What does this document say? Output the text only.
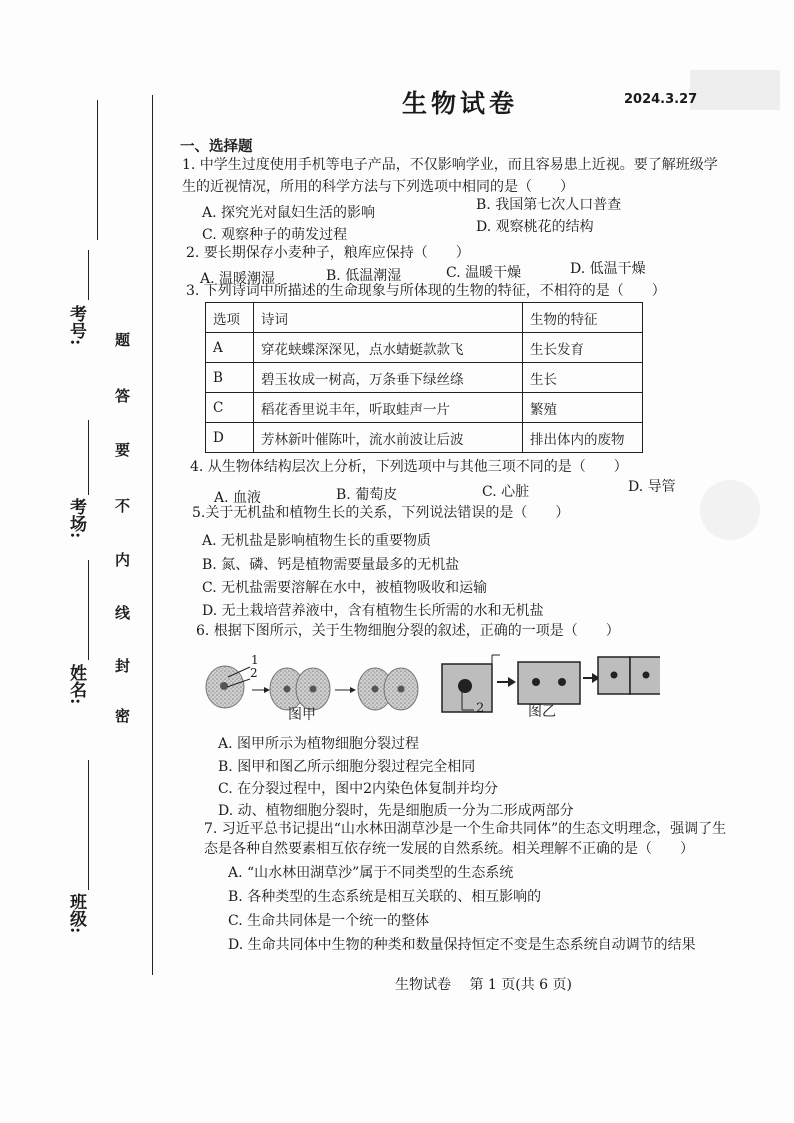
考号:
考场:
姓名:
班级:
密
封
线
内
不
要
答
题
生物试卷	2024.3.27
一、选择题
1. 中学生过度使用手机等电子产品，不仅影响学业，而且容易患上近视。要了解班级学
生的近视情况，所用的科学方法与下列选项中相同的是（　　）
A. 探究光对鼠妇生活的影响	B. 我国第七次人口普查
C. 观察种子的萌发过程	D. 观察桃花的结构
2. 要长期保存小麦种子，粮库应保持（　　）
A. 温暖潮湿	B. 低温潮湿	C. 温暖干燥	D. 低温干燥
3. 下列诗词中所描述的生命现象与所体现的生物的特征，不相符的是（　　）
选项	诗词	生物的特征
A	穿花蛱蝶深深见，点水蜻蜓款款飞	生长发育
B	碧玉妆成一树高，万条垂下绿丝绦	生长
C	稻花香里说丰年，听取蛙声一片	繁殖
D	芳林新叶催陈叶，流水前波让后波	排出体内的废物
4. 从生物体结构层次上分析，下列选项中与其他三项不同的是（　　）
A. 血液	B. 葡萄皮	C. 心脏	D. 导管
5.关于无机盐和植物生长的关系，下列说法错误的是（　　）
A. 无机盐是影响植物生长的重要物质
B. 氮、磷、钙是植物需要量最多的无机盐
C. 无机盐需要溶解在水中，被植物吸收和运输
D. 无土栽培营养液中，含有植物生长所需的水和无机盐
6. 根据下图所示，关于生物细胞分裂的叙述，正确的一项是（　　）
1
2
2
图甲	图乙
A. 图甲所示为植物细胞分裂过程
B. 图甲和图乙所示细胞分裂过程完全相同
C. 在分裂过程中，图中2内染色体复制并均分
D. 动、植物细胞分裂时，先是细胞质一分为二形成两部分
7. 习近平总书记提出“山水林田湖草沙是一个生命共同体”的生态文明理念，强调了生
态是各种自然要素相互依存统一发展的自然系统。相关理解不正确的是（　　）
A. “山水林田湖草沙”属于不同类型的生态系统
B. 各种类型的生态系统是相互关联的、相互影响的
C. 生命共同体是一个统一的整体
D. 生命共同体中生物的种类和数量保持恒定不变是生态系统自动调节的结果
生物试卷　 第 1 页(共 6 页)
